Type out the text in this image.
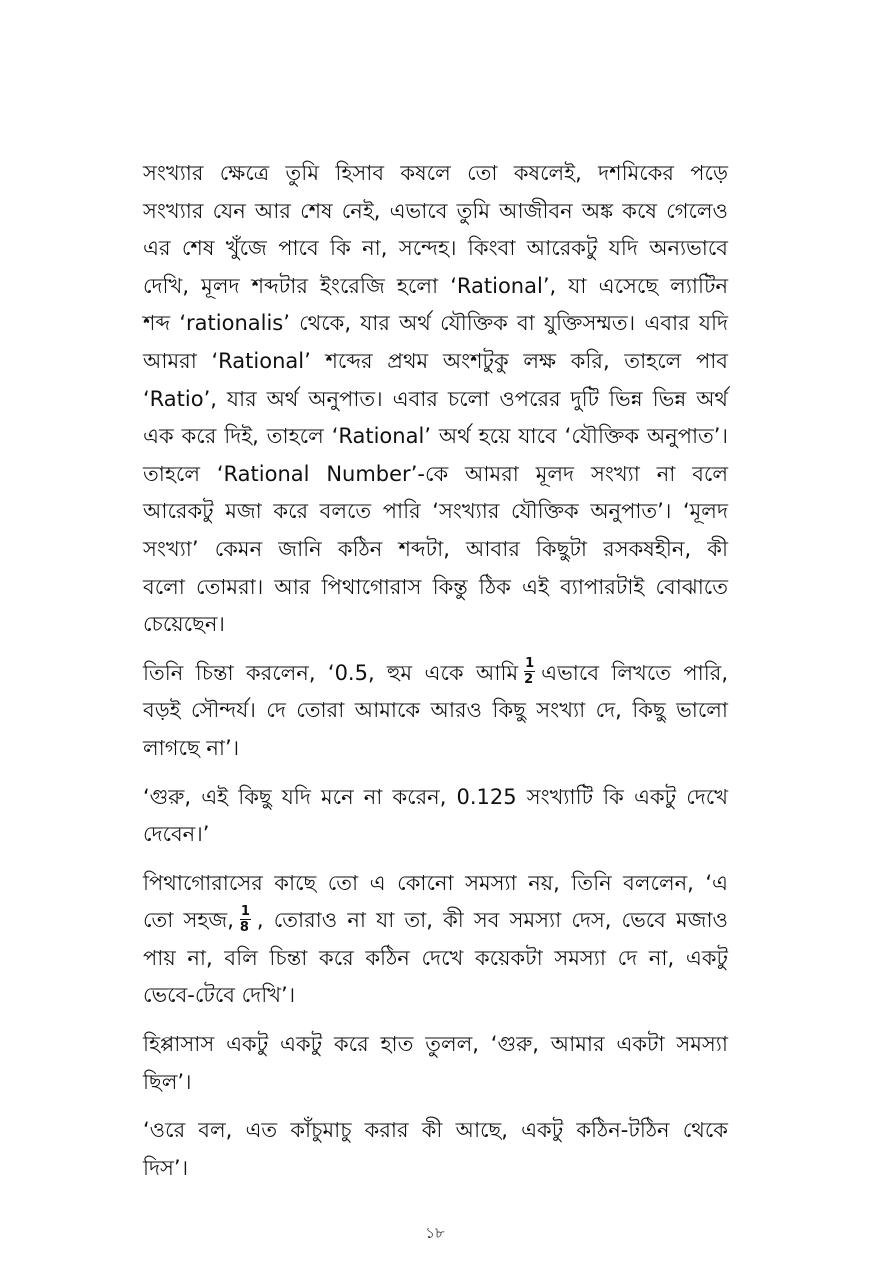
সংখ্যার ক্ষেত্রে তুমি হিসাব কষলে তো কষলেই, দশমিকের পড়ে
সংখ্যার যেন আর শেষ নেই, এভাবে তুমি আজীবন অঙ্ক কষে গেলেও
এর শেষ খুঁজে পাবে কি না, সন্দেহ। কিংবা আরেকটু যদি অন্যভাবে
দেখি, মূলদ শব্দটার ইংরেজি হলো ‘Rational’, যা এসেছে ল্যাটিন
শব্দ ‘rationalis’ থেকে, যার অর্থ যৌক্তিক বা যুক্তিসম্মত। এবার যদি
আমরা ‘Rational’ শব্দের প্রথম অংশটুকু লক্ষ করি, তাহলে পাব
‘Ratio’, যার অর্থ অনুপাত। এবার চলো ওপরের দুটি ভিন্ন ভিন্ন অর্থ
এক করে দিই, তাহলে ‘Rational’ অর্থ হয়ে যাবে ‘যৌক্তিক অনুপাত’।
তাহলে ‘Rational Number’-কে আমরা মূলদ সংখ্যা না বলে
আরেকটু মজা করে বলতে পারি ‘সংখ্যার যৌক্তিক অনুপাত’। ‘মূলদ
সংখ্যা’ কেমন জানি কঠিন শব্দটা, আবার কিছুটা রসকষহীন, কী
বলো তোমরা। আর পিথাগোরাস কিন্তু ঠিক এই ব্যাপারটাই বোঝাতে
চেয়েছেন।

তিনি চিন্তা করলেন, ‘0.5, হুম একে আমি $\frac{1}{2}$ এভাবে লিখতে পারি,
বড়ই সৌন্দর্য। দে তোরা আমাকে আরও কিছু সংখ্যা দে, কিছু ভালো
লাগছে না’।

‘গুরু, এই কিছু যদি মনে না করেন, 0.125 সংখ্যাটি কি একটু দেখে
দেবেন।’

পিথাগোরাসের কাছে তো এ কোনো সমস্যা নয়, তিনি বললেন, ‘এ
তো সহজ, $\frac{1}{8}$ , তোরাও না যা তা, কী সব সমস্যা দেস, ভেবে মজাও
পায় না, বলি চিন্তা করে কঠিন দেখে কয়েকটা সমস্যা দে না, একটু
ভেবে-টেবে দেখি’।

হিপ্পাসাস একটু একটু করে হাত তুলল, ‘গুরু, আমার একটা সমস্যা
ছিল’।

‘ওরে বল, এত কাঁচুমাচু করার কী আছে, একটু কঠিন-টঠিন থেকে
দিস’।

১৮
